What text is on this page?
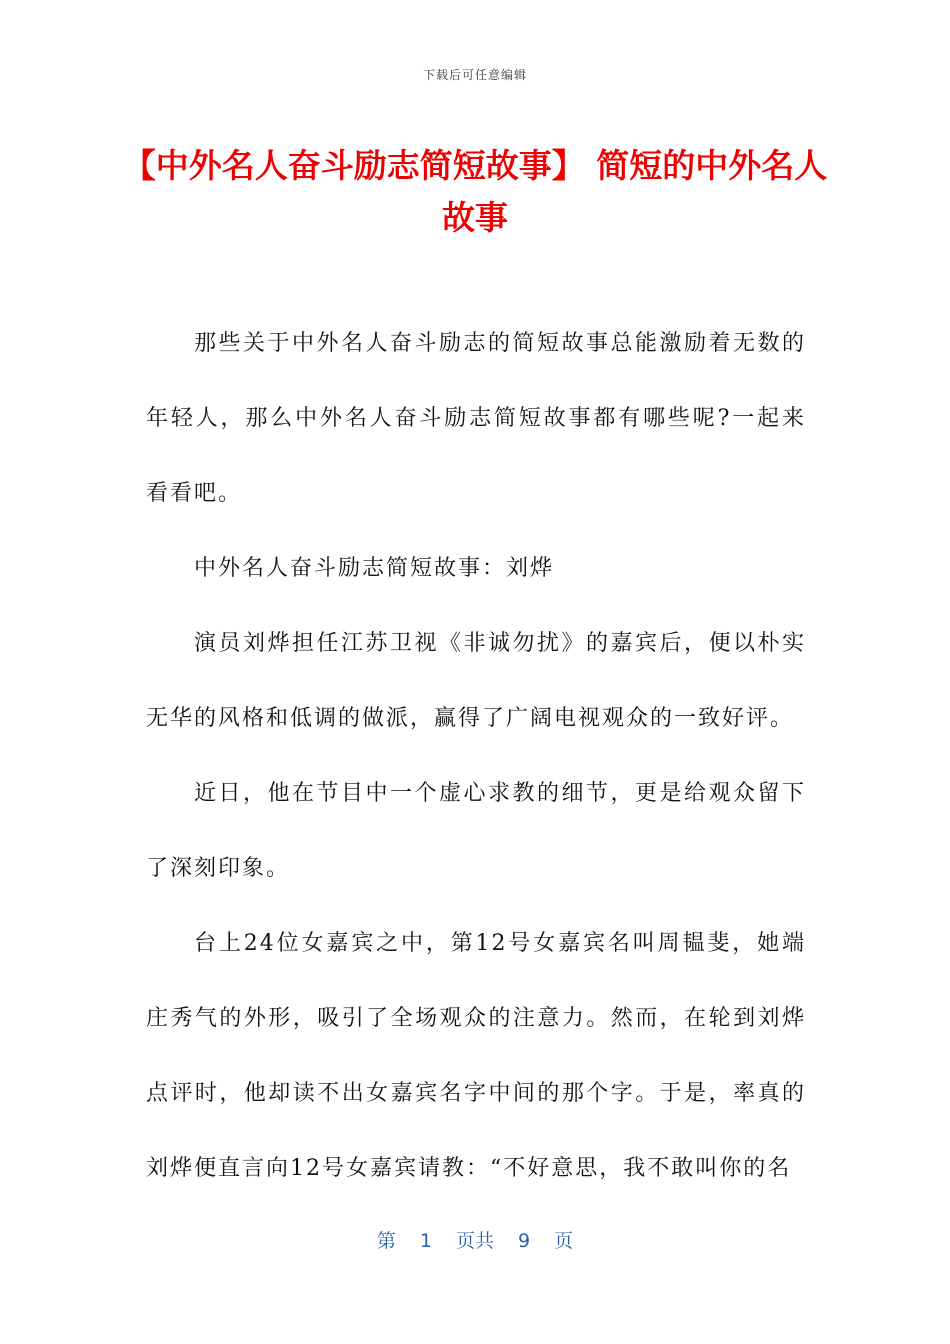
下载后可任意编辑
【中外名人奋斗励志简短故事】 简短的中外名人故事

那些关于中外名人奋斗励志的简短故事总能激励着无数的年轻人，那么中外名人奋斗励志简短故事都有哪些呢?一起来看看吧。

中外名人奋斗励志简短故事：刘烨

演员刘烨担任江苏卫视《非诚勿扰》的嘉宾后，便以朴实无华的风格和低调的做派，赢得了广阔电视观众的一致好评。

近日，他在节目中一个虚心求教的细节，更是给观众留下了深刻印象。

台上24位女嘉宾之中，第12号女嘉宾名叫周韫斐，她端庄秀气的外形，吸引了全场观众的注意力。然而，在轮到刘烨点评时，他却读不出女嘉宾名字中间的那个字。于是，率真的刘烨便直言向12号女嘉宾请教：“不好意思，我不敢叫你的名

第 1 页共 9 页
